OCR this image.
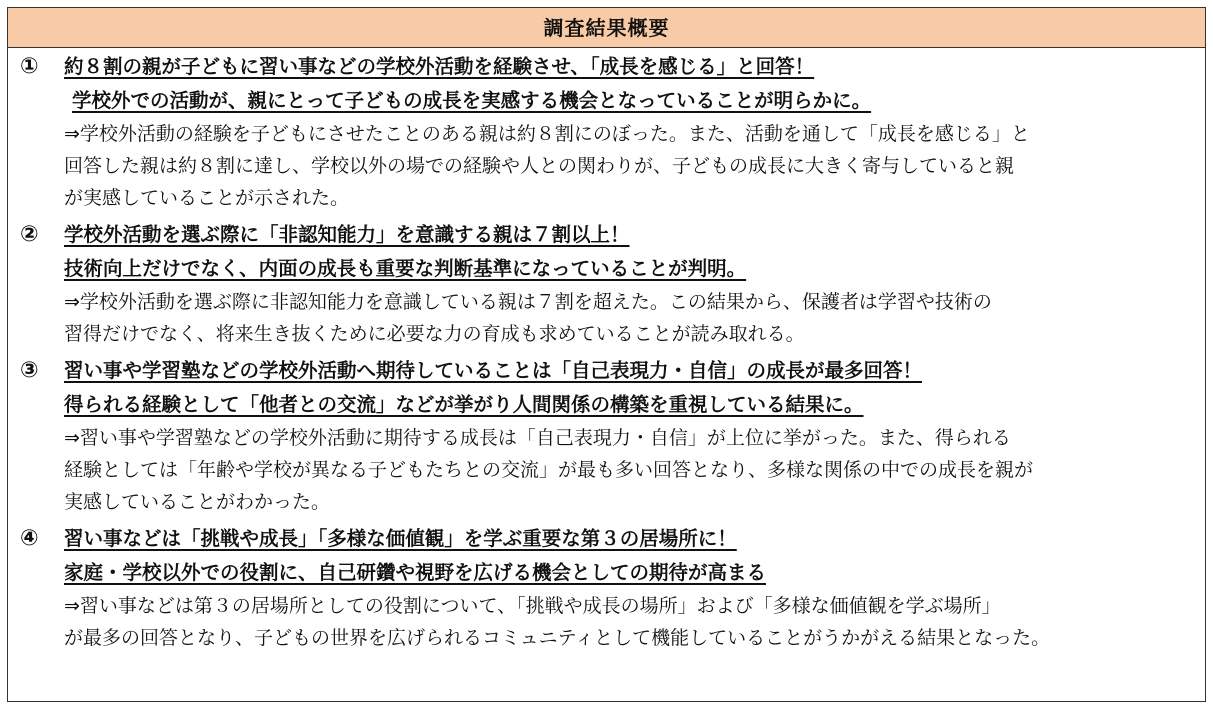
調査結果概要
① 約８割の親が子どもに習い事などの学校外活動を経験させ、「成長を感じる」と回答！
学校外での活動が、親にとって子どもの成長を実感する機会となっていることが明らかに。
⇒学校外活動の経験を子どもにさせたことのある親は約８割にのぼった。また、活動を通して「成長を感じる」と
回答した親は約８割に達し、学校以外の場での経験や人との関わりが、子どもの成長に大きく寄与していると親
が実感していることが示された。
② 学校外活動を選ぶ際に「非認知能力」を意識する親は７割以上！
技術向上だけでなく、内面の成長も重要な判断基準になっていることが判明。
⇒学校外活動を選ぶ際に非認知能力を意識している親は７割を超えた。この結果から、保護者は学習や技術の
習得だけでなく、将来生き抜くために必要な力の育成も求めていることが読み取れる。
③ 習い事や学習塾などの学校外活動へ期待していることは「自己表現力・自信」の成長が最多回答！
得られる経験として「他者との交流」などが挙がり人間関係の構築を重視している結果に。
⇒習い事や学習塾などの学校外活動に期待する成長は「自己表現力・自信」が上位に挙がった。また、得られる
経験としては「年齢や学校が異なる子どもたちとの交流」が最も多い回答となり、多様な関係の中での成長を親が
実感していることがわかった。
④ 習い事などは「挑戦や成長」「多様な価値観」を学ぶ重要な第３の居場所に！
家庭・学校以外での役割に、自己研鑽や視野を広げる機会としての期待が高まる
⇒習い事などは第３の居場所としての役割について、「挑戦や成長の場所」および「多様な価値観を学ぶ場所」
が最多の回答となり、子どもの世界を広げられるコミュニティとして機能していることがうかがえる結果となった。
